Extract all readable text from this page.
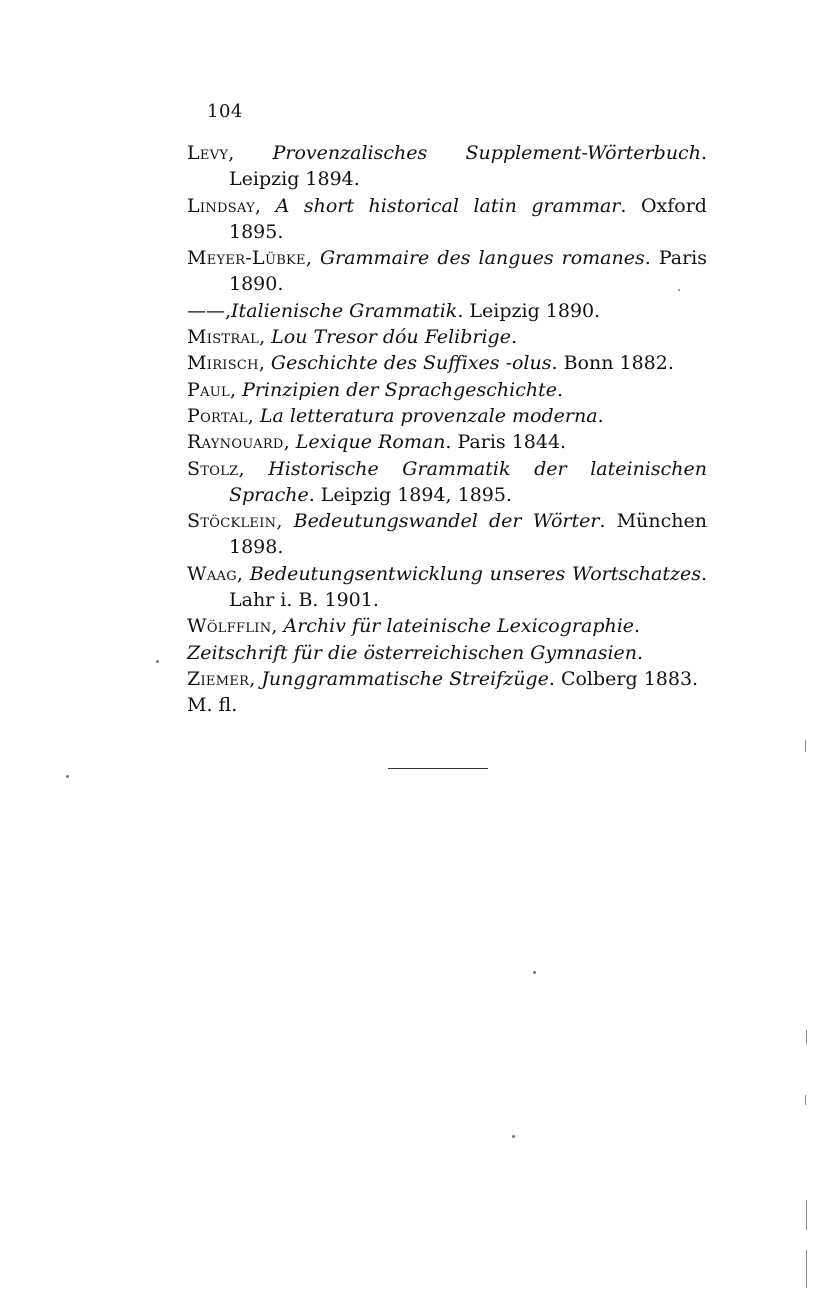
104
Levy, Provenzalisches Supplement-Wörterbuch. Leipzig 1894.
Lindsay, A short historical latin grammar. Oxford 1895.
Meyer-Lübke, Grammaire des langues romanes. Paris 1890.
——,Italienische Grammatik. Leipzig 1890.
Mistral, Lou Tresor dóu Felibrige.
Mirisch, Geschichte des Suffixes -olus. Bonn 1882.
Paul, Prinzipien der Sprachgeschichte.
Portal, La letteratura provenzale moderna.
Raynouard, Lexique Roman. Paris 1844.
Stolz, Historische Grammatik der lateinischen Sprache. Leipzig 1894, 1895.
Stöcklein, Bedeutungswandel der Wörter. München 1898.
Waag, Bedeutungsentwicklung unseres Wortschatzes. Lahr i. B. 1901.
Wölfflin, Archiv für lateinische Lexicographie.
Zeitschrift für die österreichischen Gymnasien.
Ziemer, Junggrammatische Streifzüge. Colberg 1883.
M. fl.
